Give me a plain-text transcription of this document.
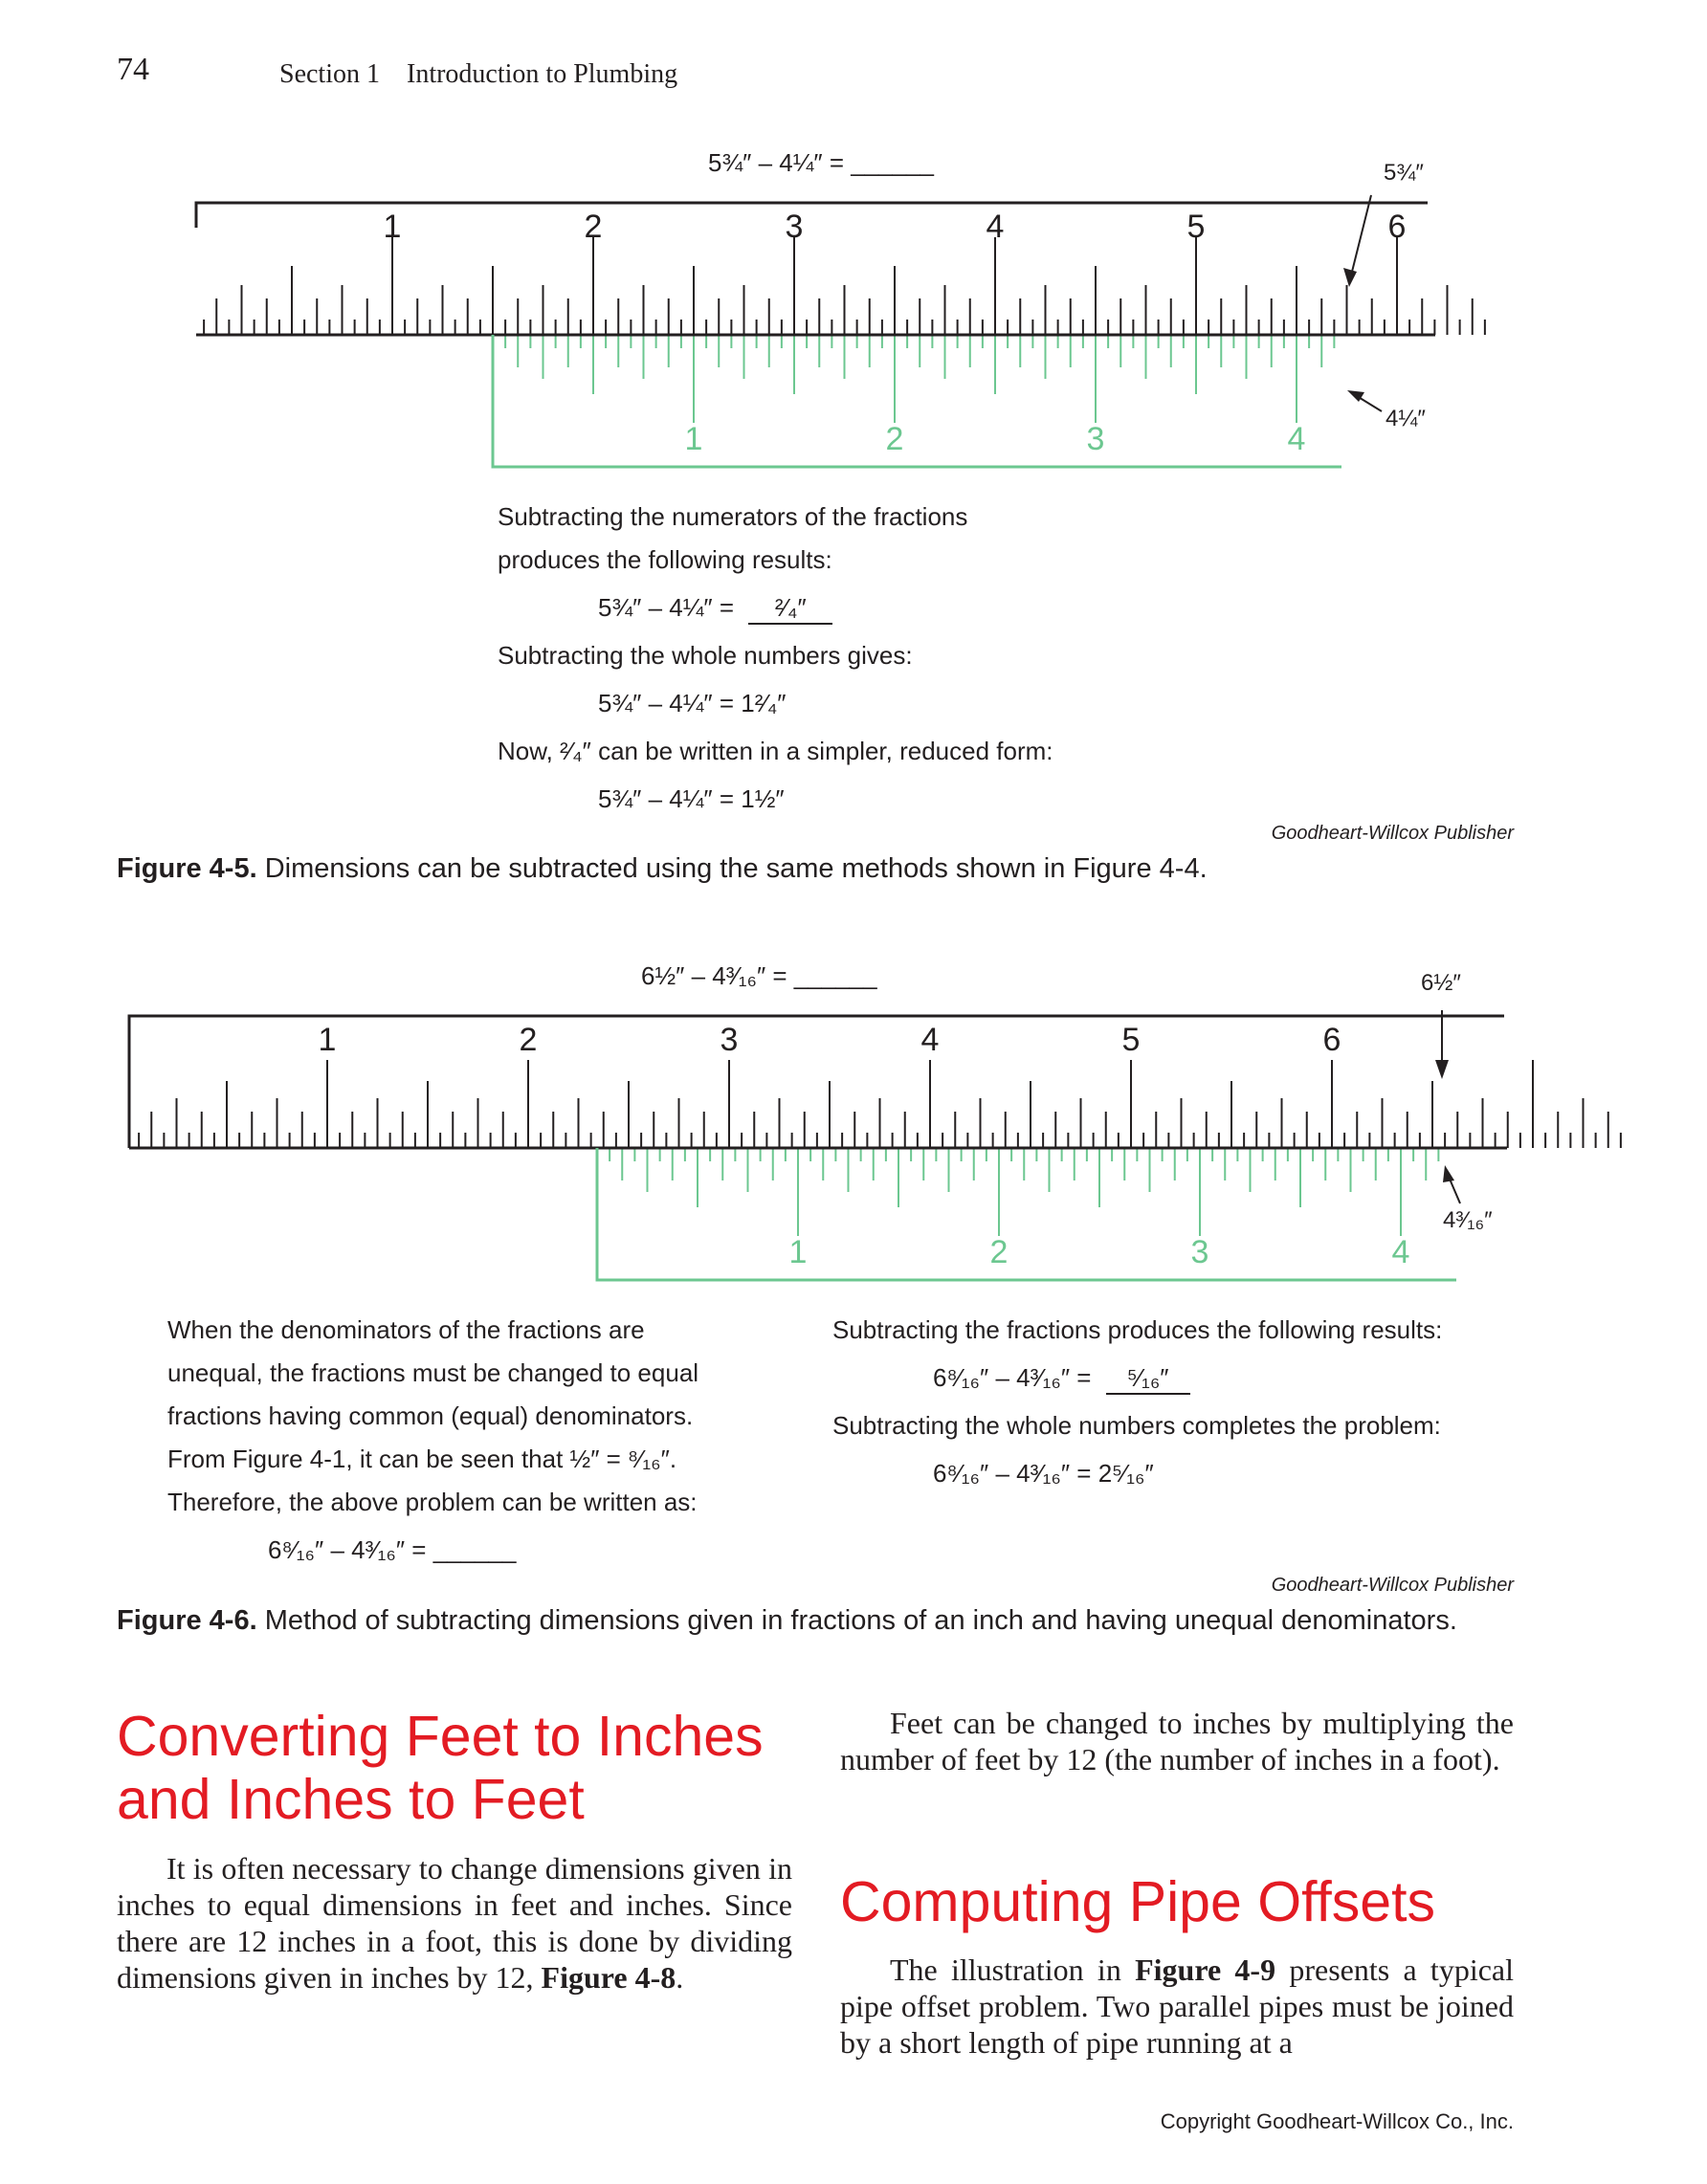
74	Section 1 Introduction to Plumbing
5¾″ – 4¼″ = ______
1	2	3	4	5	6
1	2	3	4
5¾″
4¼″
Subtracting the numerators of the fractions
produces the following results:
5¾″ – 4¼″ = ²⁄₄″
Subtracting the whole numbers gives:
5¾″ – 4¼″ = 1²⁄₄″
Now, ²⁄₄″ can be written in a simpler, reduced form:
5¾″ – 4¼″ = 1½″
Goodheart-Willcox Publisher
Figure 4-5. Dimensions can be subtracted using the same methods shown in Figure 4-4.
6½″ – 4³⁄₁₆″ = ______
1	2	3	4	5	6
1	2	3	4
6½″
4³⁄₁₆″
When the denominators of the fractions are
unequal, the fractions must be changed to equal
fractions having common (equal) denominators.
From Figure 4-1, it can be seen that ½″ = ⁸⁄₁₆″.
Therefore, the above problem can be written as:
6⁸⁄₁₆″ – 4³⁄₁₆″ = ______
Subtracting the fractions produces the following results:
6⁸⁄₁₆″ – 4³⁄₁₆″ = ⁵⁄₁₆″
Subtracting the whole numbers completes the problem:
6⁸⁄₁₆″ – 4³⁄₁₆″ = 2⁵⁄₁₆″
Goodheart-Willcox Publisher
Figure 4-6. Method of subtracting dimensions given in fractions of an inch and having unequal denominators.
Converting Feet to Inches
and Inches to Feet

It is often necessary to change dimensions given in inches to equal dimensions in feet and inches. Since there are 12 inches in a foot, this is done by dividing dimensions given in inches by 12, Figure 4-8.

Feet can be changed to inches by multiplying the number of feet by 12 (the number of inches in a foot).

Computing Pipe Offsets

The illustration in Figure 4-9 presents a typical pipe offset problem. Two parallel pipes must be joined by a short length of pipe running at a

Copyright Goodheart-Willcox Co., Inc.
